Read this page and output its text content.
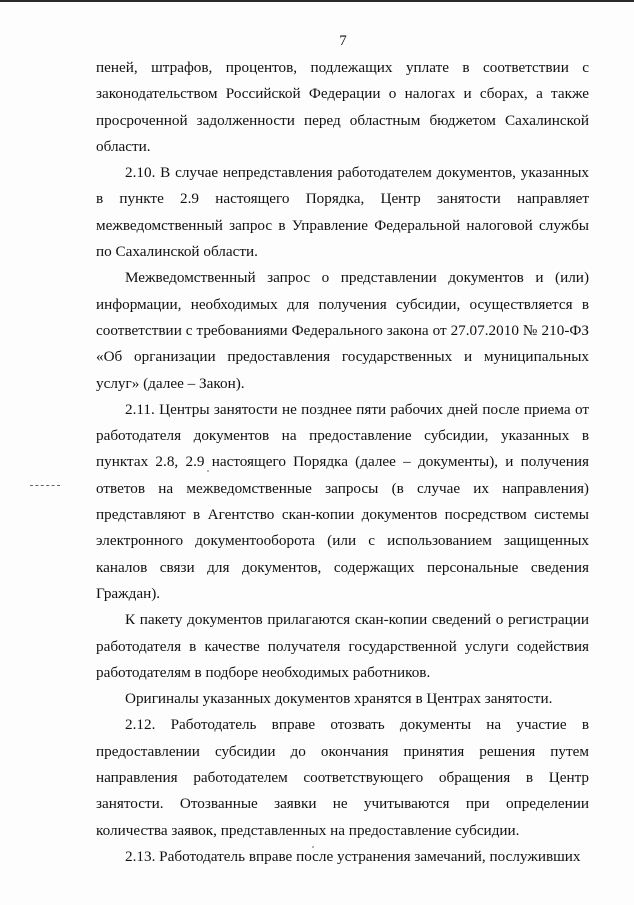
7

пеней, штрафов, процентов, подлежащих уплате в соответствии с законодательством Российской Федерации о налогах и сборах, а также просроченной задолженности перед областным бюджетом Сахалинской области.

2.10. В случае непредставления работодателем документов, указанных в пункте 2.9 настоящего Порядка, Центр занятости направляет межведомственный запрос в Управление Федеральной налоговой службы по Сахалинской области.

Межведомственный запрос о представлении документов и (или) информации, необходимых для получения субсидии, осуществляется в соответствии с требованиями Федерального закона от 27.07.2010 № 210-ФЗ «Об организации предоставления государственных и муниципальных услуг» (далее – Закон).

2.11. Центры занятости не позднее пяти рабочих дней после приема от работодателя документов на предоставление субсидии, указанных в пунктах 2.8, 2.9 настоящего Порядка (далее – документы), и получения ответов на межведомственные запросы (в случае их направления) представляют в Агентство скан-копии документов посредством системы электронного документооборота (или с использованием защищенных каналов связи для документов, содержащих персональные сведения Граждан).

К пакету документов прилагаются скан-копии сведений о регистрации работодателя в качестве получателя государственной услуги содействия работодателям в подборе необходимых работников.

Оригиналы указанных документов хранятся в Центрах занятости.

2.12. Работодатель вправе отозвать документы на участие в предоставлении субсидии до окончания принятия решения путем направления работодателем соответствующего обращения в Центр занятости. Отозванные заявки не учитываются при определении количества заявок, представленных на предоставление субсидии.

2.13. Работодатель вправе после устранения замечаний, послуживших
